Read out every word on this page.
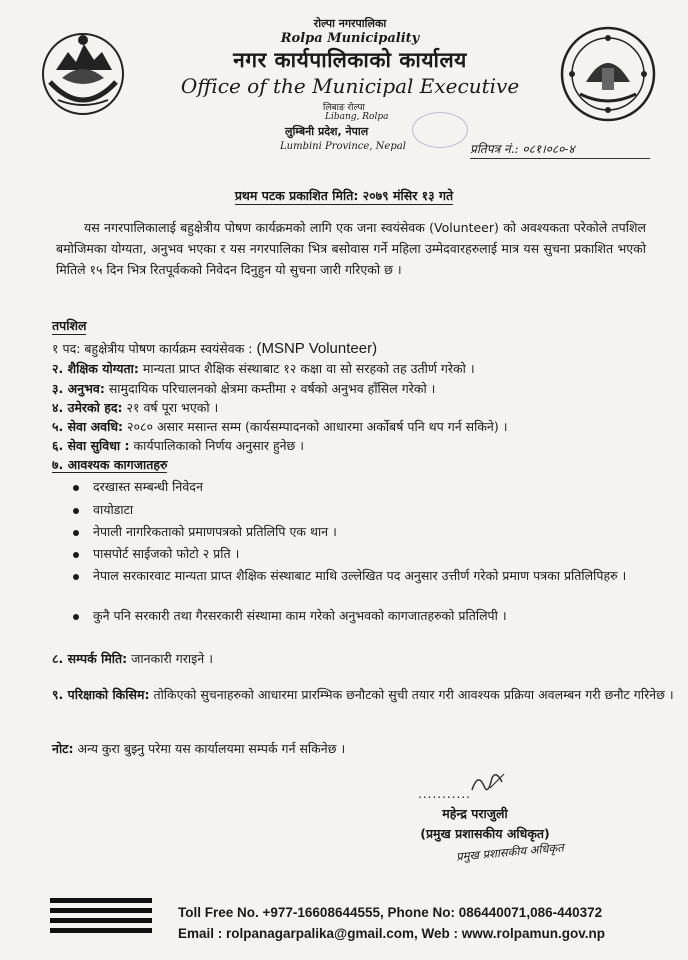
रोल्पा नगरपालिका
Rolpa Municipality
नगर कार्यपालिकाको कार्यालय
Office of the Municipal Executive
लिबाङ रोल्पा
Libang, Rolpa
लुम्बिनी प्रदेश, नेपाल
Lumbini Province, Nepal	प्रतिपत्र नं.: ०८१।०८०-४
प्रथम पटक प्रकाशित मिति: २०७९ मंसिर १३ गते
यस नगरपालिकालाई बहुक्षेत्रीय पोषण कार्यक्रमको लागि एक जना स्वयंसेवक (Volunteer) को अवश्यकता परेकोले तपशिल बमोजिमका योग्यता, अनुभव भएका र यस नगरपालिका भित्र बसोवास गर्ने महिला उम्मेदवारहरुलाई मात्र यस सुचना प्रकाशित भएको मितिले १५ दिन भित्र रितपूर्वकको निवेदन दिनुहुन यो सुचना जारी गरिएको छ ।
तपशिल
१ पद: बहुक्षेत्रीय पोषण कार्यक्रम स्वयंसेवक : (MSNP Volunteer)
२. शैक्षिक योग्यता: मान्यता प्राप्त शैक्षिक संस्थाबाट १२ कक्षा वा सो सरहको तह उतीर्ण गरेको ।
३. अनुभव: सामुदायिक परिचालनको क्षेत्रमा कम्तीमा २ वर्षको अनुभव हाँसिल गरेको ।
४. उमेरको हद: २१ वर्ष पूरा भएको ।
५. सेवा अवधि: २०८० असार मसान्त सम्म (कार्यसम्पादनको आधारमा अर्कोबर्ष पनि थप गर्न सकिने) ।
६. सेवा सुविधा : कार्यपालिकाको निर्णय अनुसार हुनेछ ।
७. आवश्यक कागजातहरु
दरखास्त सम्बन्धी निवेदन
वायोडाटा
नेपाली नागरिकताको प्रमाणपत्रको प्रतिलिपि एक थान ।
पासपोर्ट साईजको फोटो २ प्रति ।
नेपाल सरकारवाट मान्यता प्राप्त शैक्षिक संस्थाबाट माथि उल्लेखित पद अनुसार उत्तीर्ण गरेको प्रमाण पत्रका प्रतिलिपिहरु ।
कुनै पनि सरकारी तथा गैरसरकारी संस्थामा काम गरेको अनुभवको कागजातहरुको प्रतिलिपी ।
८. सम्पर्क मिति: जानकारी गराइने ।
९. परिक्षाको किसिम: तोकिएको सुचनाहरुको आधारमा प्रारम्भिक छनौटको सुची तयार गरी आवश्यक प्रक्रिया अवलम्बन गरी छनौट गरिनेछ ।
नोट: अन्य कुरा बुझ्नु परेमा यस कार्यालयमा सम्पर्क गर्न सकिनेछ ।
...........
महेन्द्र पराजुली
(प्रमुख प्रशासकीय अधिकृत)
प्रमुख प्रशासकीय अधिकृत
Toll Free No. +977-16608644555, Phone No: 086440071,086-440372
Email : rolpanagarpalika@gmail.com, Web : www.rolpamun.gov.np
